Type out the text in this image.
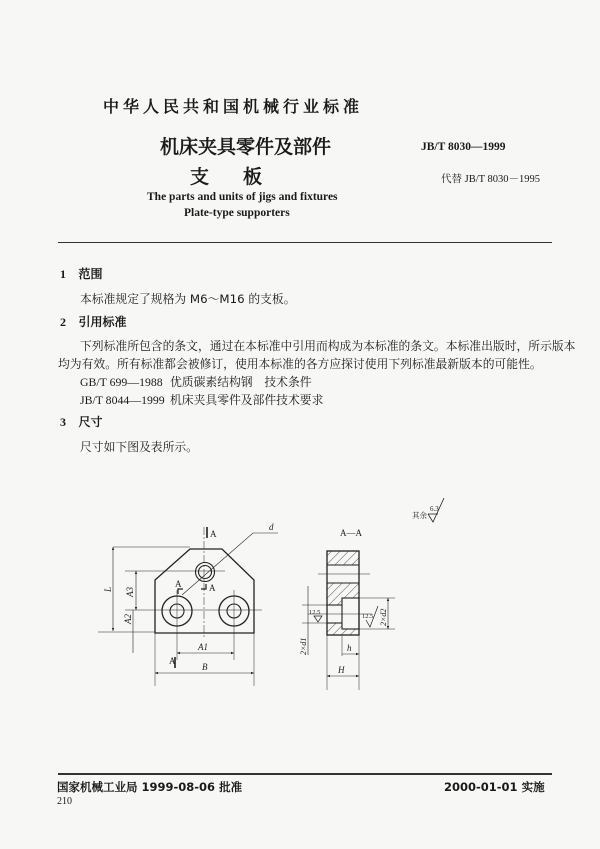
中华人民共和国机械行业标准
机床夹具零件及部件
支板
The parts and units of jigs and fixtures
Plate-type supporters
JB/T 8030—1999
代替 JB/T 8030－1995
1 范围
本标准规定了规格为 M6～M16 的支板。
2 引用标准
下列标准所包含的条文，通过在本标准中引用而构成为本标准的条文。本标准出版时，所示版本
均为有效。所有标准都会被修订，使用本标准的各方应探讨使用下列标准最新版本的可能性。
GB/T 699—1988 优质碳素结构钢　技术条件
JB/T 8044—1999 机床夹具零件及部件技术要求
3 尺寸
尺寸如下图及表所示。
d
A
A
A	A
L A3
A2
A1
B
A—A
2×d1
2×d2
h
H
12.5
12.5
其余
6.3
国家机械工业局 1999-08-06 批准	2000-01-01 实施
210
